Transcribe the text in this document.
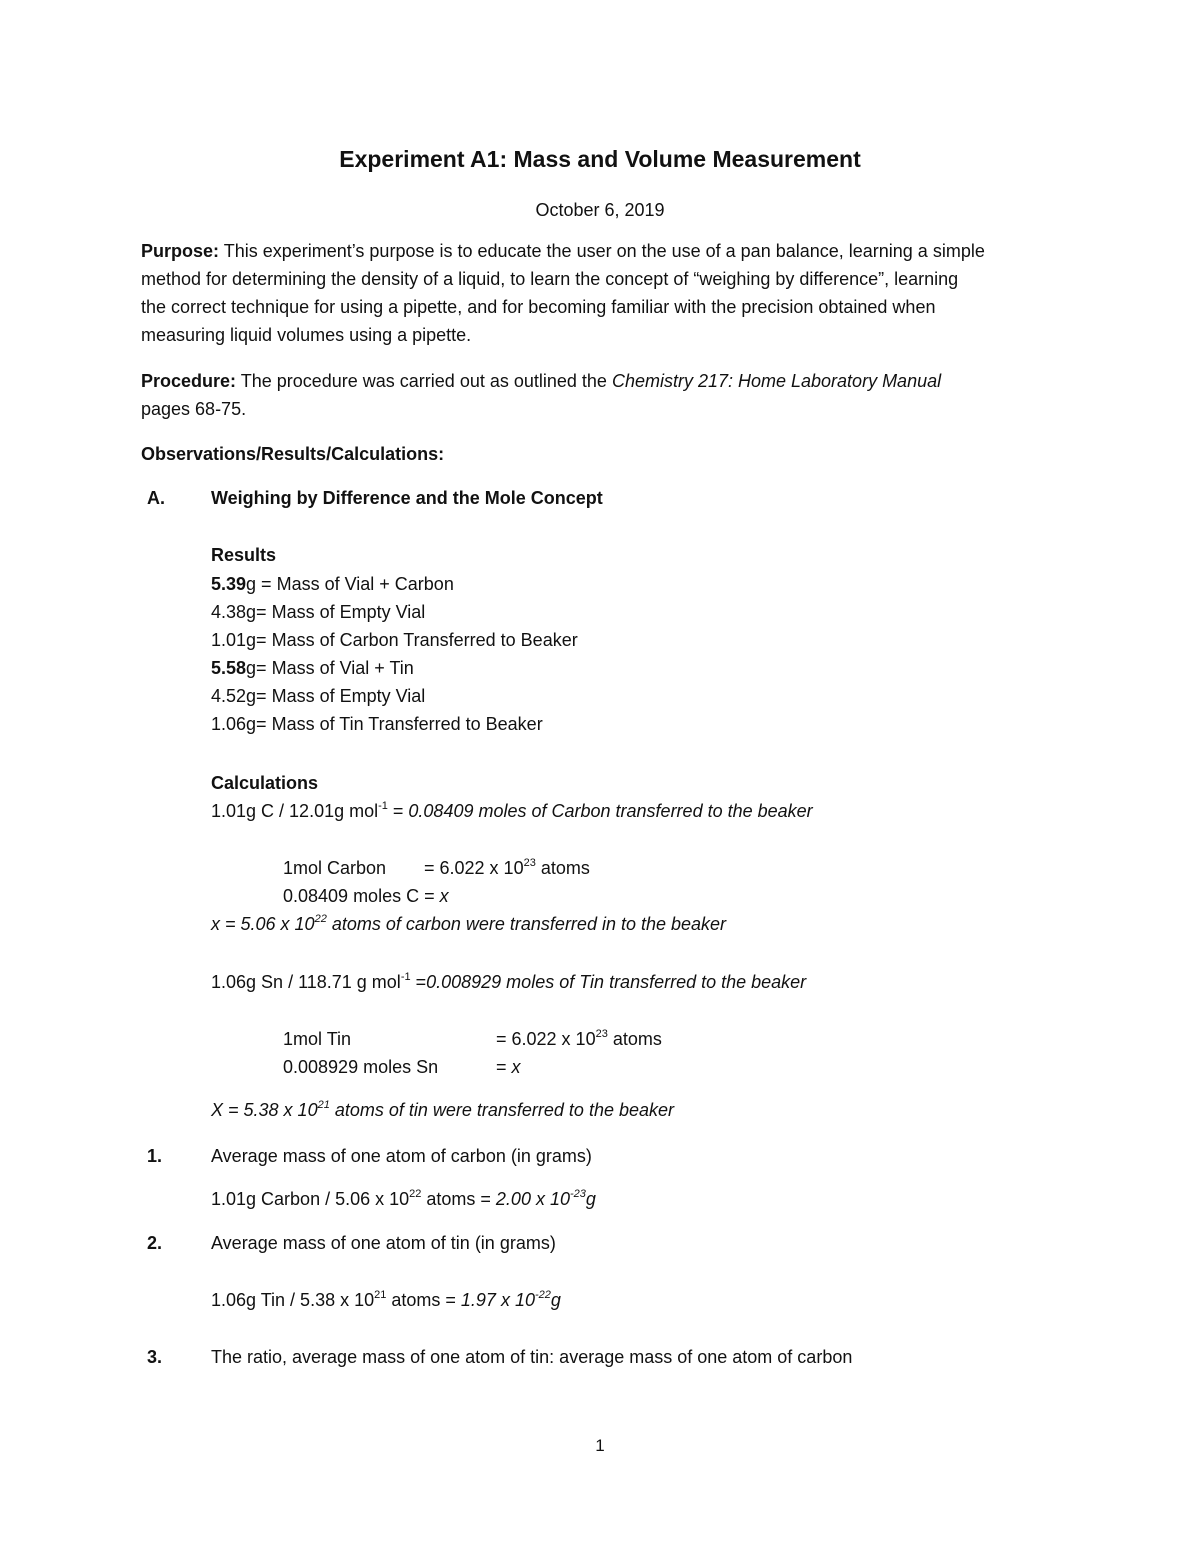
Experiment A1: Mass and Volume Measurement
October 6, 2019
Purpose: This experiment’s purpose is to educate the user on the use of a pan balance, learning a simple
method for determining the density of a liquid, to learn the concept of “weighing by difference”, learning
the correct technique for using a pipette, and for becoming familiar with the precision obtained when
measuring liquid volumes using a pipette.
Procedure: The procedure was carried out as outlined the Chemistry 217: Home Laboratory Manual
pages 68-75.
Observations/Results/Calculations:
A.	Weighing by Difference and the Mole Concept
Results
5.39g = Mass of Vial + Carbon
4.38g= Mass of Empty Vial
1.01g= Mass of Carbon Transferred to Beaker
5.58g= Mass of Vial + Tin
4.52g= Mass of Empty Vial
1.06g= Mass of Tin Transferred to Beaker
Calculations
1.01g C / 12.01g mol$^{-1}$ = 0.08409 moles of Carbon transferred to the beaker
1mol Carbon = 6.022 x $10^{23}$ atoms
0.08409 moles C = x
x = 5.06 x $10^{22}$ atoms of carbon were transferred in to the beaker
1.06g Sn / 118.71 g mol$^{-1}$ =0.008929 moles of Tin transferred to the beaker
1mol Tin	= 6.022 x $10^{23}$ atoms
0.008929 moles Sn	= x
X = 5.38 x $10^{21}$ atoms of tin were transferred to the beaker
1.	Average mass of one atom of carbon (in grams)
1.01g Carbon / 5.06 x $10^{22}$ atoms = 2.00 x $10^{-23}g$
2.	Average mass of one atom of tin (in grams)
1.06g Tin / 5.38 x $10^{21}$ atoms = 1.97 x $10^{-22}g$
3.	The ratio, average mass of one atom of tin: average mass of one atom of carbon
1
